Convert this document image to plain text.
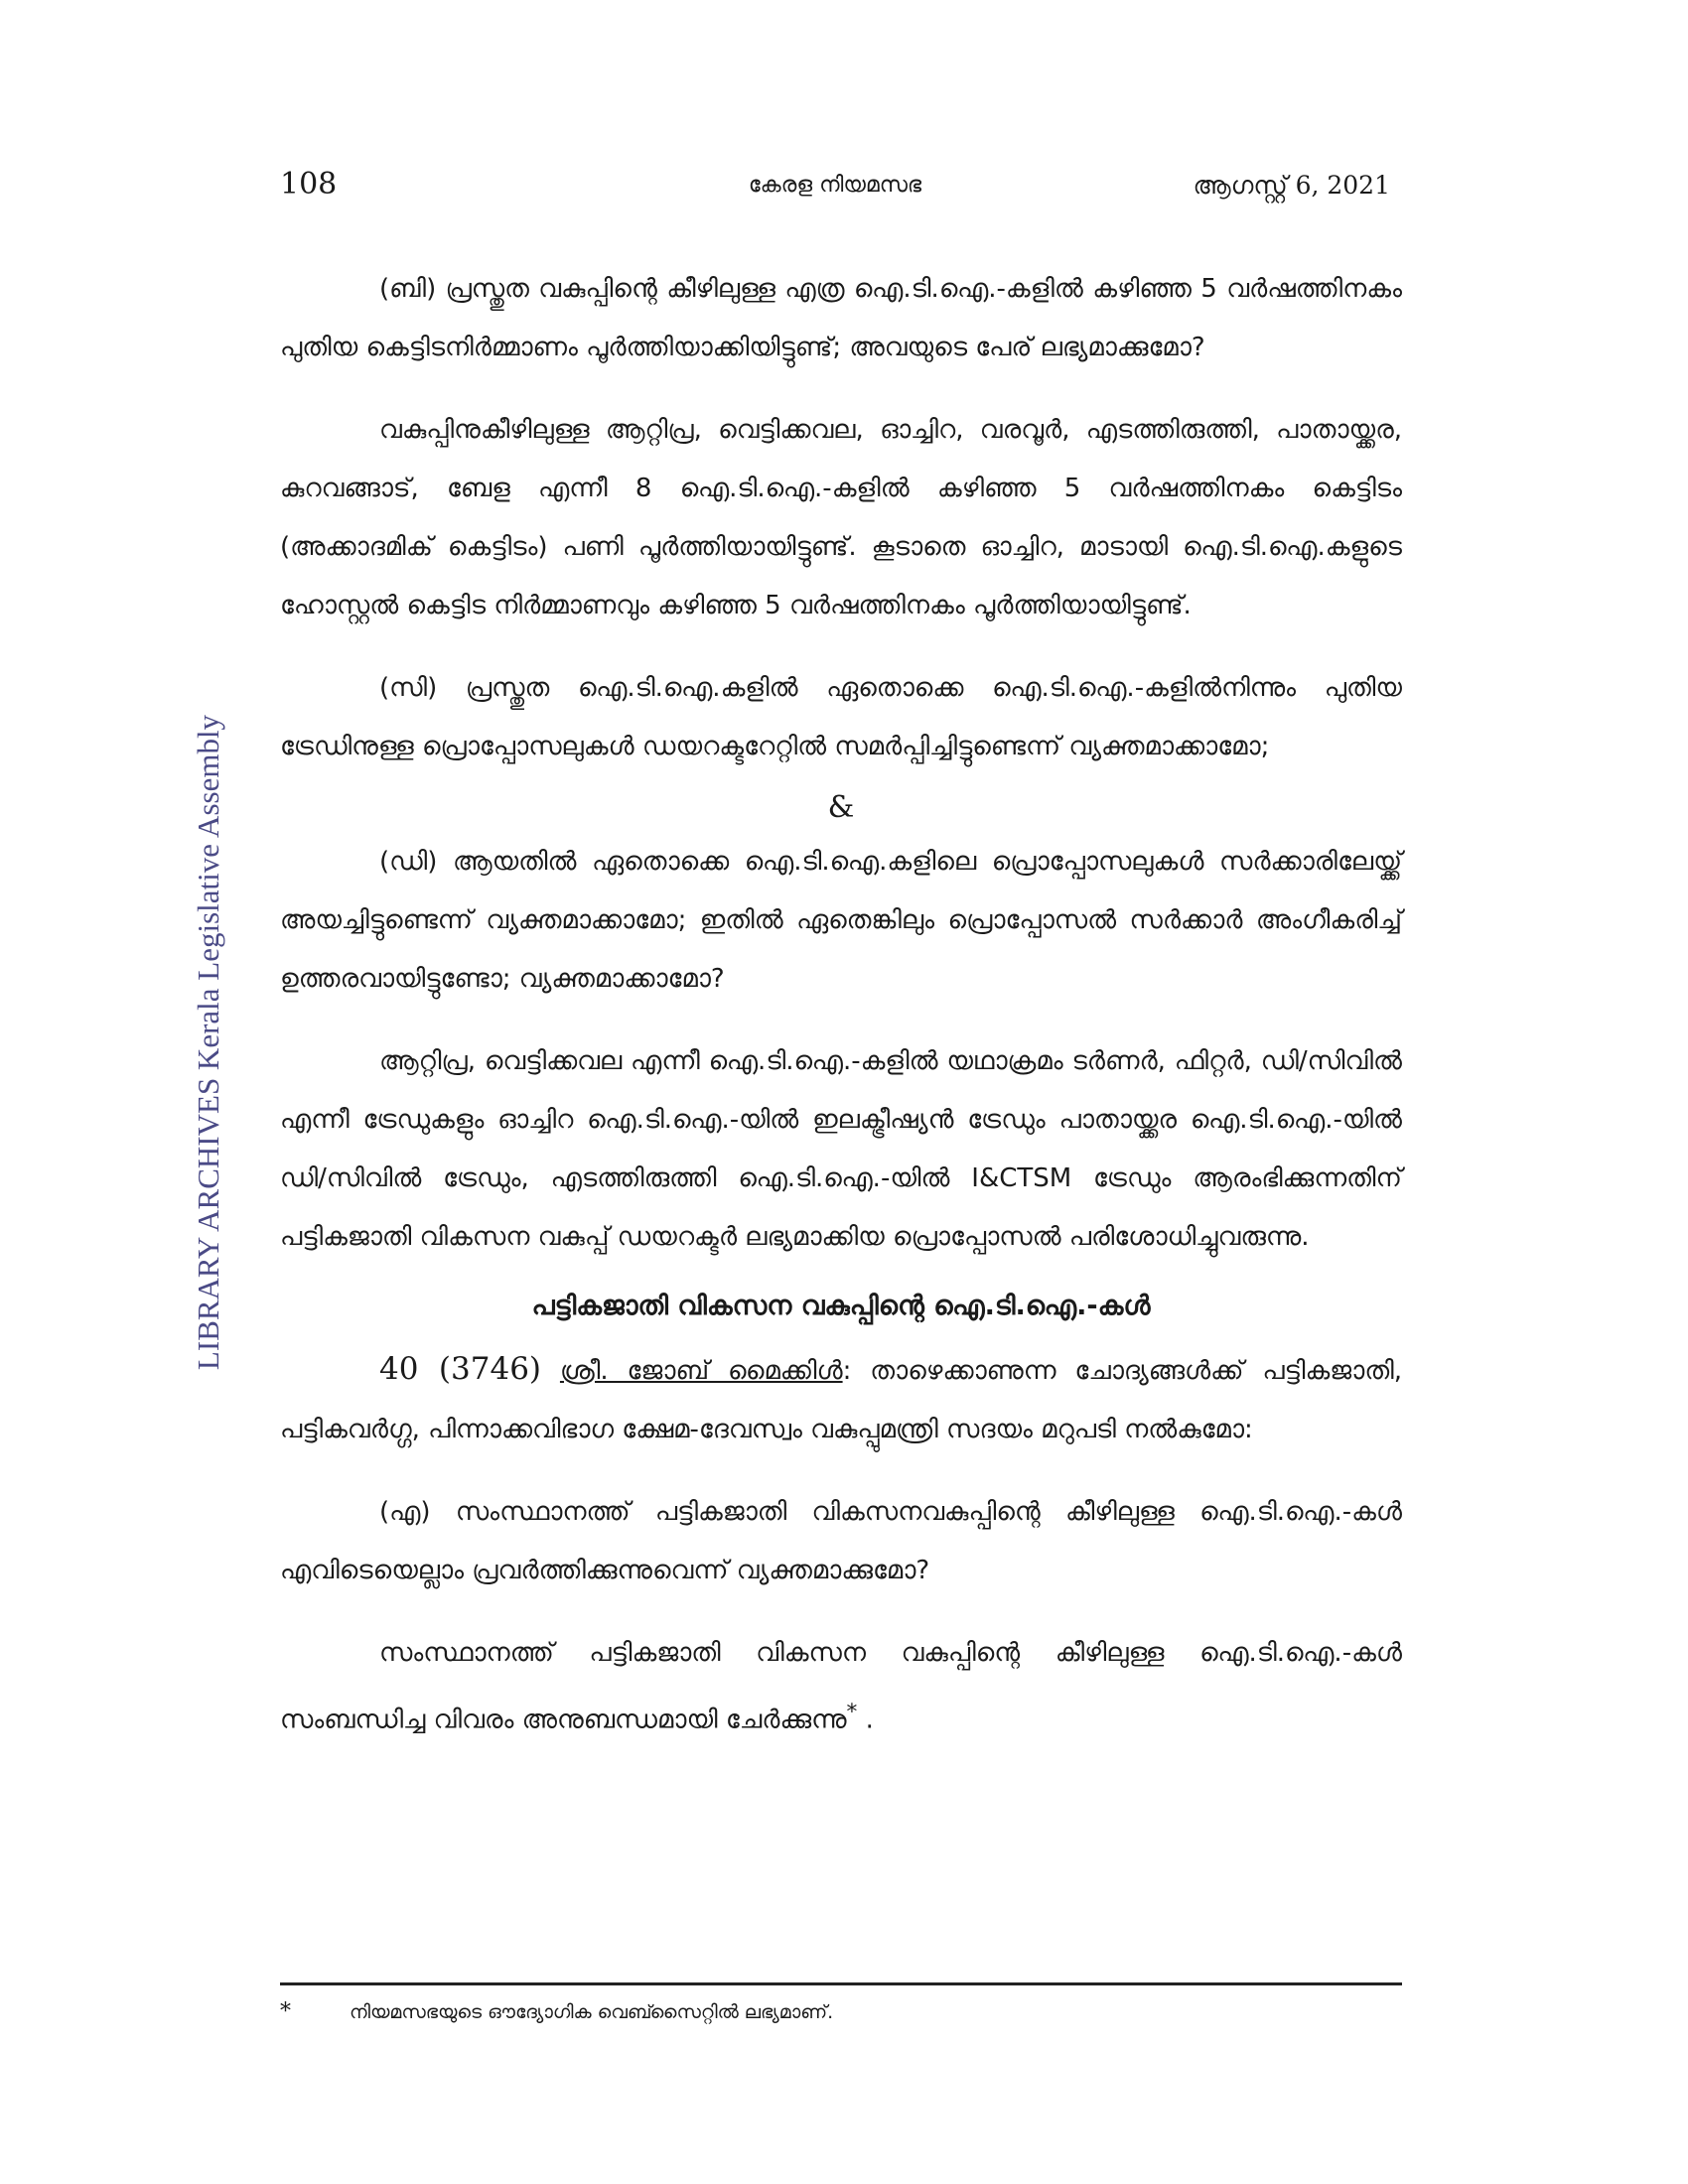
108	കേരള നിയമസഭ	ആഗസ്റ്റ് 6, 2021
LIBRARY ARCHIVES Kerala Legislative Assembly

(ബി) പ്രസ്തുത വകുപ്പിന്റെ കീഴിലുള്ള എത്ര ഐ.ടി.ഐ.-കളിൽ കഴിഞ്ഞ 5 വർഷത്തിനകം പുതിയ കെട്ടിടനിർമ്മാണം പൂർത്തിയാക്കിയിട്ടുണ്ട്; അവയുടെ പേര് ലഭ്യമാക്കുമോ?

വകുപ്പിനുകീഴിലുള്ള ആറ്റിപ്ര, വെട്ടിക്കവല, ഓച്ചിറ, വരവൂർ, എടത്തിരുത്തി, പാതായ്ക്കര, കുറവങ്ങാട്, ബേള എന്നീ 8 ഐ.ടി.ഐ.-കളിൽ കഴിഞ്ഞ 5 വർഷത്തിനകം കെട്ടിടം (അക്കാദമിക് കെട്ടിടം) പണി പൂർത്തിയായിട്ടുണ്ട്. കൂടാതെ ഓച്ചിറ, മാടായി ഐ.ടി.ഐ.കളുടെ ഹോസ്റ്റൽ കെട്ടിട നിർമ്മാണവും കഴിഞ്ഞ 5 വർഷത്തിനകം പൂർത്തിയായിട്ടുണ്ട്.

(സി) പ്രസ്തുത ഐ.ടി.ഐ.കളിൽ ഏതൊക്കെ ഐ.ടി.ഐ.-കളിൽനിന്നും പുതിയ ട്രേഡിനുള്ള പ്രൊപ്പോസലുകൾ ഡയറക്ടറേറ്റിൽ സമർപ്പിച്ചിട്ടുണ്ടെന്ന് വ്യക്തമാക്കാമോ;

&

(ഡി) ആയതിൽ ഏതൊക്കെ ഐ.ടി.ഐ.കളിലെ പ്രൊപ്പോസലുകൾ സർക്കാരിലേയ്ക്ക് അയച്ചിട്ടുണ്ടെന്ന് വ്യക്തമാക്കാമോ; ഇതിൽ ഏതെങ്കിലും പ്രൊപ്പോസൽ സർക്കാർ അംഗീകരിച്ച് ഉത്തരവായിട്ടുണ്ടോ; വ്യക്തമാക്കാമോ?

ആറ്റിപ്ര, വെട്ടിക്കവല എന്നീ ഐ.ടി.ഐ.-കളിൽ യഥാക്രമം ടർണർ, ഫിറ്റർ, ഡി/സിവിൽ എന്നീ ട്രേഡുകളും ഓച്ചിറ ഐ.ടി.ഐ.-യിൽ ഇലക്ട്രീഷ്യൻ ട്രേഡും പാതായ്ക്കര ഐ.ടി.ഐ.-യിൽ ഡി/സിവിൽ ട്രേഡും, എടത്തിരുത്തി ഐ.ടി.ഐ.-യിൽ I&CTSM ട്രേഡും ആരംഭിക്കുന്നതിന് പട്ടികജാതി വികസന വകുപ്പ് ഡയറക്ടർ ലഭ്യമാക്കിയ പ്രൊപ്പോസൽ പരിശോധിച്ചുവരുന്നു.

പട്ടികജാതി വികസന വകുപ്പിന്റെ ഐ.ടി.ഐ.-കൾ

40 (3746) ശ്രീ. ജോബ് മൈക്കിൾ: താഴെക്കാണുന്ന ചോദ്യങ്ങൾക്ക് പട്ടികജാതി, പട്ടികവർഗ്ഗ, പിന്നാക്കവിഭാഗ ക്ഷേമ-ദേവസ്വം വകുപ്പുമന്ത്രി സദയം മറുപടി നൽകുമോ:

(എ) സംസ്ഥാനത്ത് പട്ടികജാതി വികസനവകുപ്പിന്റെ കീഴിലുള്ള ഐ.ടി.ഐ.-കൾ എവിടെയെല്ലാം പ്രവർത്തിക്കുന്നുവെന്ന് വ്യക്തമാക്കുമോ?

സംസ്ഥാനത്ത് പട്ടികജാതി വികസന വകുപ്പിന്റെ കീഴിലുള്ള ഐ.ടി.ഐ.-കൾ സംബന്ധിച്ച വിവരം അനുബന്ധമായി ചേർക്കുന്നു* .

*	നിയമസഭയുടെ ഔദ്യോഗിക വെബ്സൈറ്റിൽ ലഭ്യമാണ്.
